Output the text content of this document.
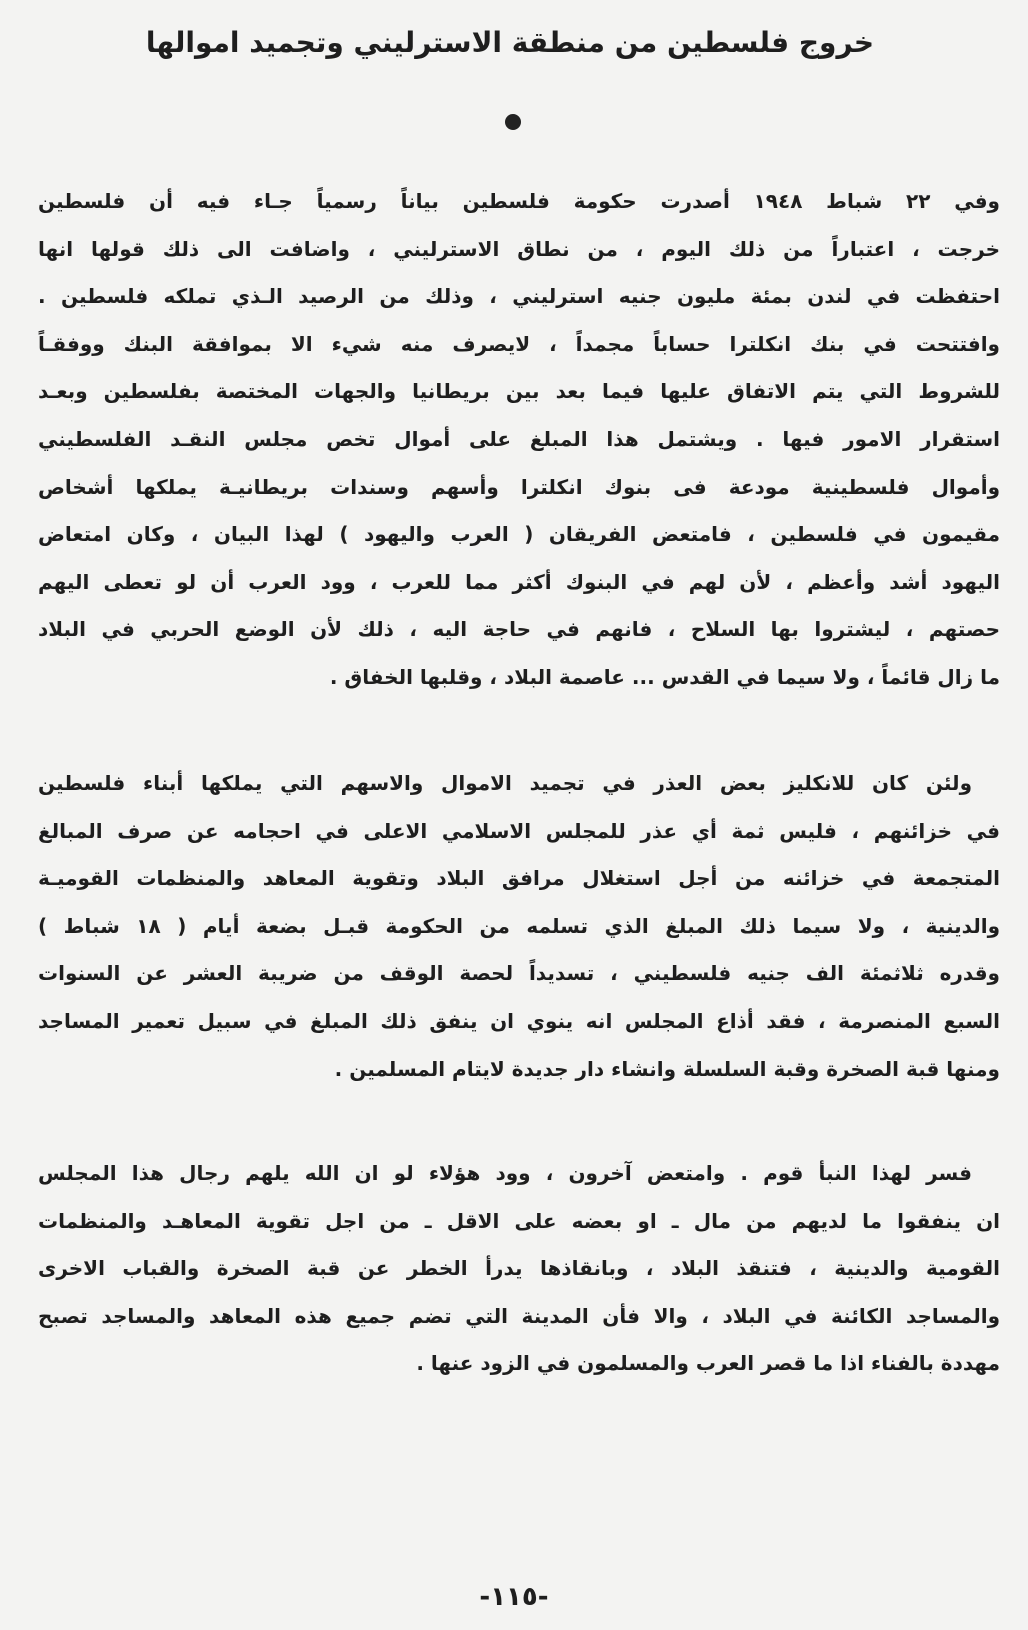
خروج فلسطين من منطقة الاسترليني وتجميد اموالها
وفي ٢٢ شباط ١٩٤٨ أصدرت حكومة فلسطين بياناً رسمياً جـاء فيه أن فلسطين
خرجت ، اعتباراً من ذلك اليوم ، من نطاق الاسترليني ، واضافت الى ذلك قولها انها
احتفظت في لندن بمئة مليون جنيه استرليني ، وذلك من الرصيد الـذي تملكه فلسطين .
وافتتحت في بنك انكلترا حساباً مجمداً ، لايصرف منه شيء الا بموافقة البنك ووفقـاً
للشروط التي يتم الاتفاق عليها فيما بعد بين بريطانيا والجهات المختصة بفلسطين وبعـد
استقرار الامور فيها . ويشتمل هذا المبلغ على أموال تخص مجلس النقـد الفلسطيني
وأموال فلسطينية مودعة فى بنوك انكلترا وأسهم وسندات بريطانيـة يملكها أشخاص
مقيمون في فلسطين ، فامتعض الفريقان ( العرب واليهود ) لهذا البيان ، وكان امتعاض
اليهود أشد وأعظم ، لأن لهم في البنوك أكثر مما للعرب ، وود العرب أن لو تعطى اليهم
حصتهم ، ليشتروا بها السلاح ، فانهم في حاجة اليه ، ذلك لأن الوضع الحربي في البلاد
ما زال قائماً ، ولا سيما في القدس ... عاصمة البلاد ، وقلبها الخفاق .
ولئن كان للانكليز بعض العذر في تجميد الاموال والاسهم التي يملكها أبناء فلسطين
في خزائنهم ، فليس ثمة أي عذر للمجلس الاسلامي الاعلى في احجامه عن صرف المبالغ
المتجمعة في خزائنه من أجل استغلال مرافق البلاد وتقوية المعاهد والمنظمات القوميـة
والدينية ، ولا سيما ذلك المبلغ الذي تسلمه من الحكومة قبـل بضعة أيام ( ١٨ شباط )
وقدره ثلاثمئة الف جنيه فلسطيني ، تسديداً لحصة الوقف من ضريبة العشر عن السنوات
السبع المنصرمة ، فقد أذاع المجلس انه ينوي ان ينفق ذلك المبلغ في سبيل تعمير المساجد
ومنها قبة الصخرة وقبة السلسلة وانشاء دار جديدة لايتام المسلمين .
فسر لهذا النبأ قوم . وامتعض آخرون ، وود هؤلاء لو ان الله يلهم رجال هذا المجلس
ان ينفقوا ما لديهم من مال ـ او بعضه على الاقل ـ من اجل تقوية المعاهـد والمنظمات
القومية والدينية ، فتنقذ البلاد ، وبانقاذها يدرأ الخطر عن قبة الصخرة والقباب الاخرى
والمساجد الكائنة في البلاد ، والا فأن المدينة التي تضم جميع هذه المعاهد والمساجد تصبح
مهددة بالفناء اذا ما قصر العرب والمسلمون في الزود عنها .
-١١٥-
